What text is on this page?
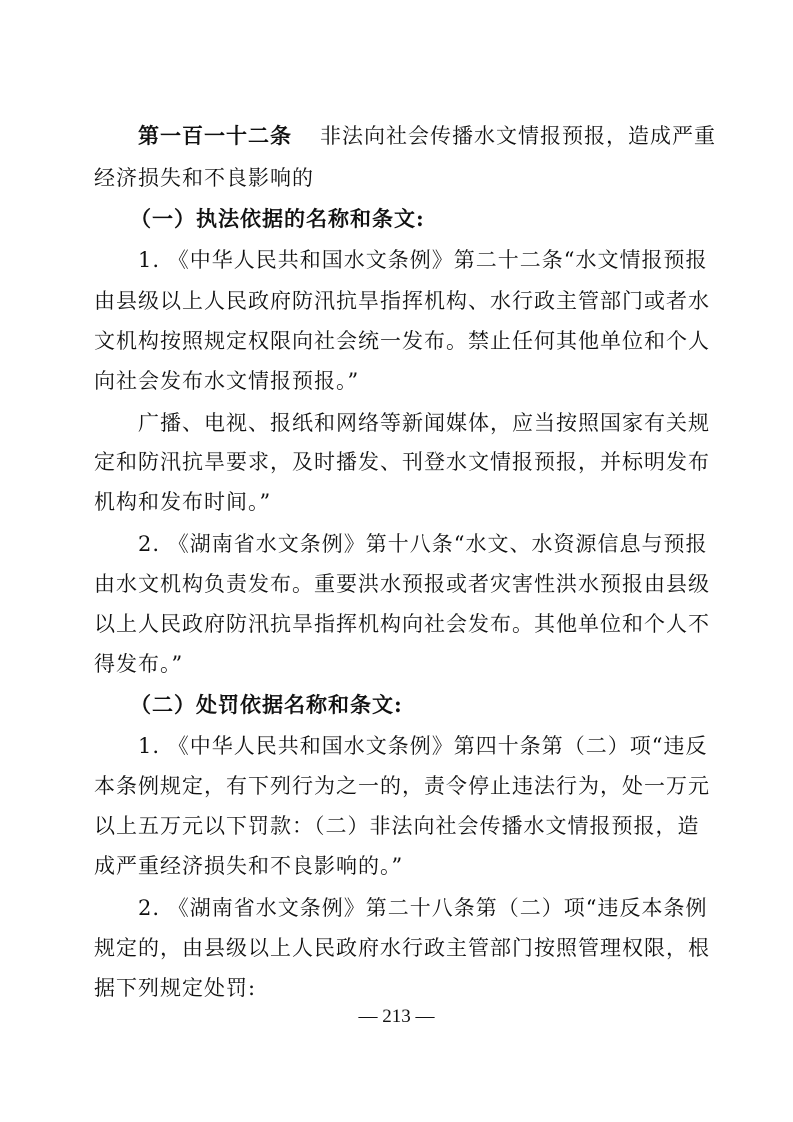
第一百一十二条 非法向社会传播水文情报预报，造成严重
经济损失和不良影响的
（一）执法依据的名称和条文:
1. 《中华人民共和国水文条例》第二十二条“水文情报预报
由县级以上人民政府防汛抗旱指挥机构、水行政主管部门或者水
文机构按照规定权限向社会统一发布。禁止任何其他单位和个人
向社会发布水文情报预报。”
广播、电视、报纸和网络等新闻媒体，应当按照国家有关规
定和防汛抗旱要求，及时播发、刊登水文情报预报，并标明发布
机构和发布时间。”
2. 《湖南省水文条例》第十八条“水文、水资源信息与预报
由水文机构负责发布。重要洪水预报或者灾害性洪水预报由县级
以上人民政府防汛抗旱指挥机构向社会发布。其他单位和个人不
得发布。”
（二）处罚依据名称和条文:
1. 《中华人民共和国水文条例》第四十条第（二）项“违反
本条例规定，有下列行为之一的，责令停止违法行为，处一万元
以上五万元以下罚款：（二）非法向社会传播水文情报预报，造
成严重经济损失和不良影响的。”
2. 《湖南省水文条例》第二十八条第（二）项“违反本条例
规定的，由县级以上人民政府水行政主管部门按照管理权限，根
据下列规定处罚:
— 213 —
